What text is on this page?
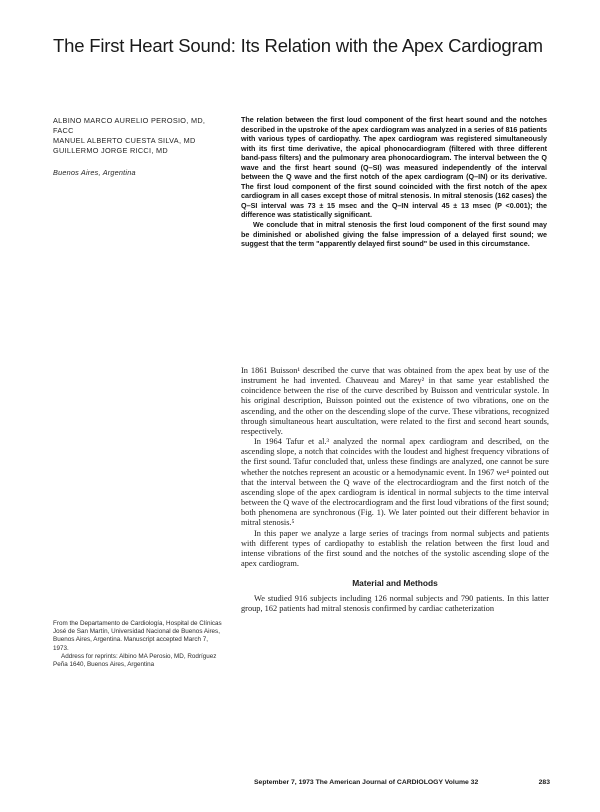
The First Heart Sound: Its Relation with the Apex Cardiogram

ALBINO MARCO AURELIO PEROSIO, MD, FACC

MANUEL ALBERTO CUESTA SILVA, MD

GUILLERMO JORGE RICCI, MD

Buenos Aires, Argentina

The relation between the first loud component of the first heart sound and the notches described in the upstroke of the apex cardiogram was analyzed in a series of 816 patients with various types of cardiopathy. The apex cardiogram was registered simultaneously with its first time derivative, the apical phonocardiogram (filtered with three different band-pass filters) and the pulmonary area phonocardiogram. The interval between the Q wave and the first heart sound (Q–SI) was measured independently of the interval between the Q wave and the first notch of the apex cardiogram (Q–IN) or its derivative. The first loud component of the first sound coincided with the first notch of the apex cardiogram in all cases except those of mitral stenosis. In mitral stenosis (162 cases) the Q–SI interval was 73 ± 15 msec and the Q–IN interval 45 ± 13 msec (P <0.001); the difference was statistically significant.

We conclude that in mitral stenosis the first loud component of the first sound may be diminished or abolished giving the false impression of a delayed first sound; we suggest that the term "apparently delayed first sound" be used in this circumstance.

In 1861 Buisson¹ described the curve that was obtained from the apex beat by use of the instrument he had invented. Chauveau and Marey² in that same year established the coincidence between the rise of the curve described by Buisson and ventricular systole. In his original description, Buisson pointed out the existence of two vibrations, one on the ascending, and the other on the descending slope of the curve. These vibrations, recognized through simultaneous heart auscultation, were related to the first and second heart sounds, respectively.

In 1964 Tafur et al.³ analyzed the normal apex cardiogram and described, on the ascending slope, a notch that coincides with the loudest and highest frequency vibrations of the first sound. Tafur concluded that, unless these findings are analyzed, one cannot be sure whether the notches represent an acoustic or a hemodynamic event. In 1967 we⁴ pointed out that the interval between the Q wave of the electrocardiogram and the first notch of the ascending slope of the apex cardiogram is identical in normal subjects to the time interval between the Q wave of the electrocardiogram and the first loud vibrations of the first sound; both phenomena are synchronous (Fig. 1). We later pointed out their different behavior in mitral stenosis.⁵

In this paper we analyze a large series of tracings from normal subjects and patients with different types of cardiopathy to establish the relation between the first loud and intense vibrations of the first sound and the notches of the systolic ascending slope of the apex cardiogram.

Material and Methods

We studied 916 subjects including 126 normal subjects and 790 patients. In this latter group, 162 patients had mitral stenosis confirmed by cardiac catheterization

From the Departamento de Cardiología, Hospital de Clínicas José de San Martín, Universidad Nacional de Buenos Aires, Buenos Aires, Argentina. Manuscript accepted March 7, 1973.

Address for reprints: Albino MA Perosio, MD, Rodríguez Peña 1640, Buenos Aires, Argentina

September 7, 1973 The American Journal of CARDIOLOGY Volume 32	283
